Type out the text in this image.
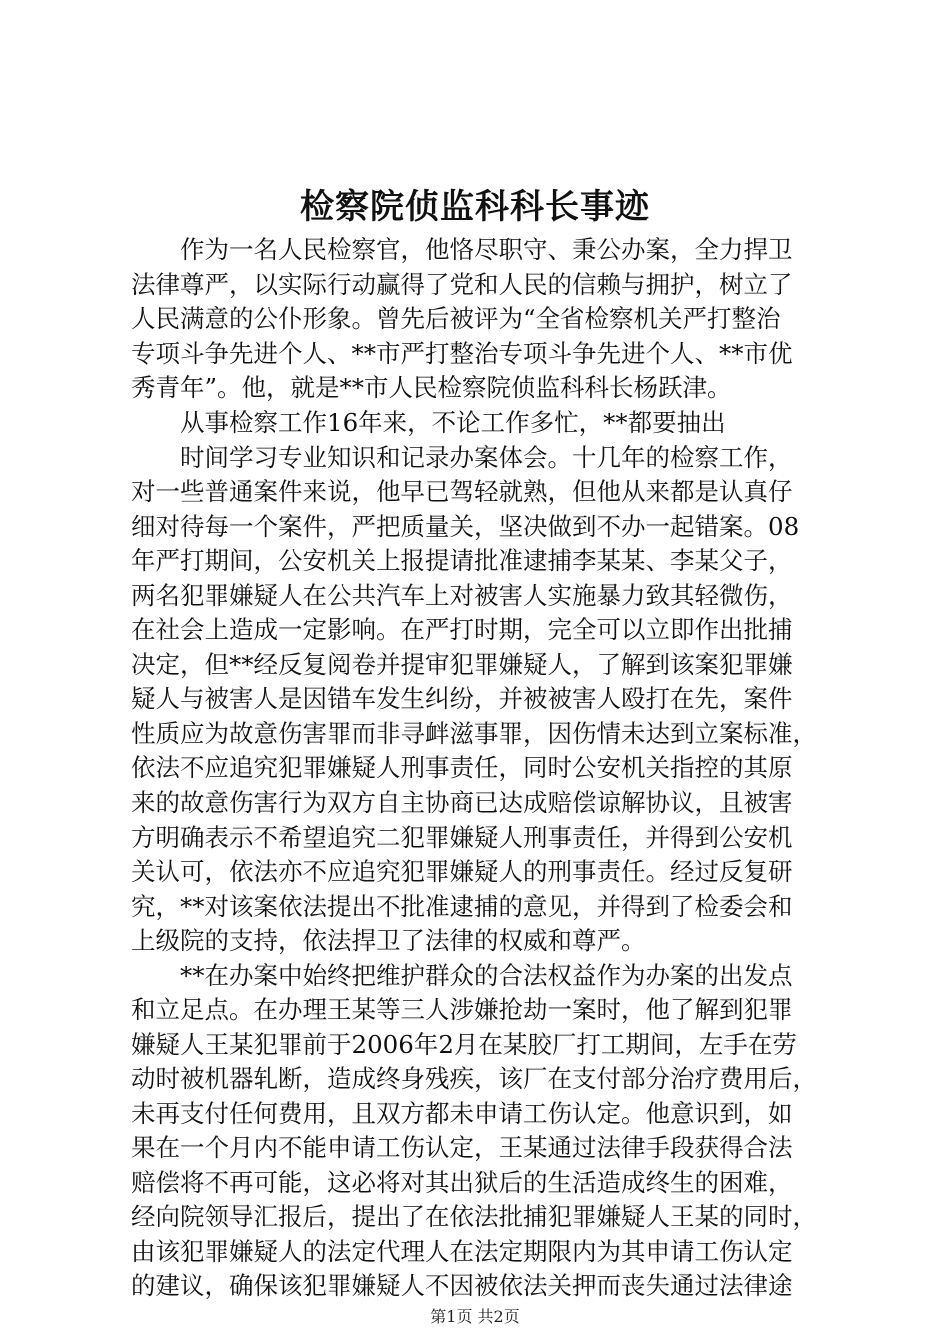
检察院侦监科科长事迹
作为一名人民检察官，他恪尽职守、秉公办案，全力捍卫
法律尊严，以实际行动赢得了党和人民的信赖与拥护，树立了
人民满意的公仆形象。曾先后被评为“全省检察机关严打整治
专项斗争先进个人、**市严打整治专项斗争先进个人、**市优
秀青年”。他，就是**市人民检察院侦监科科长杨跃津。
从事检察工作16年来，不论工作多忙，**都要抽出
时间学习专业知识和记录办案体会。十几年的检察工作，
对一些普通案件来说，他早已驾轻就熟，但他从来都是认真仔
细对待每一个案件，严把质量关，坚决做到不办一起错案。08
年严打期间，公安机关上报提请批准逮捕李某某、李某父子，
两名犯罪嫌疑人在公共汽车上对被害人实施暴力致其轻微伤，
在社会上造成一定影响。在严打时期，完全可以立即作出批捕
决定，但**经反复阅卷并提审犯罪嫌疑人，了解到该案犯罪嫌
疑人与被害人是因错车发生纠纷，并被被害人殴打在先，案件
性质应为故意伤害罪而非寻衅滋事罪，因伤情未达到立案标准，
依法不应追究犯罪嫌疑人刑事责任，同时公安机关指控的其原
来的故意伤害行为双方自主协商已达成赔偿谅解协议，且被害
方明确表示不希望追究二犯罪嫌疑人刑事责任，并得到公安机
关认可，依法亦不应追究犯罪嫌疑人的刑事责任。经过反复研
究，**对该案依法提出不批准逮捕的意见，并得到了检委会和
上级院的支持，依法捍卫了法律的权威和尊严。
**在办案中始终把维护群众的合法权益作为办案的出发点
和立足点。在办理王某等三人涉嫌抢劫一案时，他了解到犯罪
嫌疑人王某犯罪前于2006年2月在某胶厂打工期间，左手在劳
动时被机器轧断，造成终身残疾，该厂在支付部分治疗费用后，
未再支付任何费用，且双方都未申请工伤认定。他意识到，如
果在一个月内不能申请工伤认定，王某通过法律手段获得合法
赔偿将不再可能，这必将对其出狱后的生活造成终生的困难，
经向院领导汇报后，提出了在依法批捕犯罪嫌疑人王某的同时，
由该犯罪嫌疑人的法定代理人在法定期限内为其申请工伤认定
的建议，确保该犯罪嫌疑人不因被依法关押而丧失通过法律途
第1页 共2页
